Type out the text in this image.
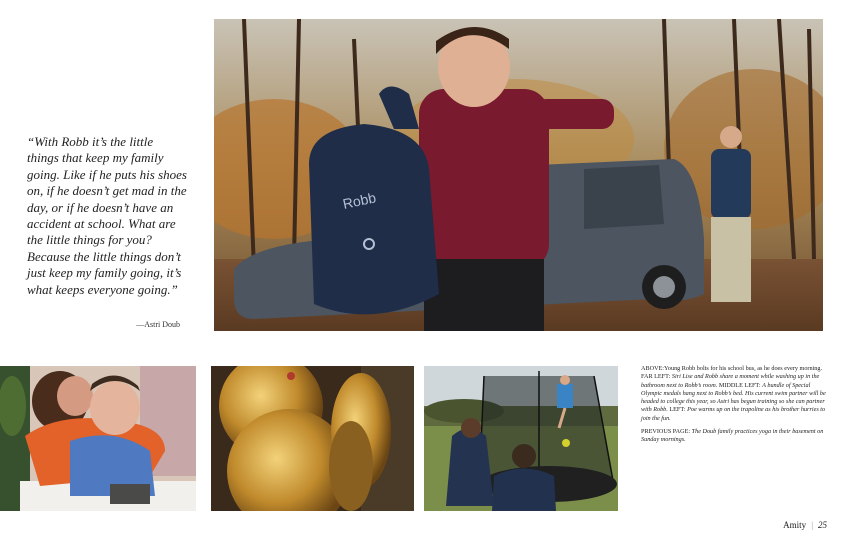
Robb

“With Robb it’s the little things that keep my family going. Like if he puts his shoes on, if he doesn’t get mad in the day, or if he doesn’t have an accident at school. What are the little things for you? Because the little things don’t just keep my family going, it’s what keeps everyone going.”

—Astri Doub

ABOVE:Young Robb bolts for his school bus, as he does every morning. FAR LEFT: Siri Lise and Robb share a moment while washing up in the bathroom next to Robb’s room. MIDDLE LEFT: A bundle of Special Olympic medals hang next to Robb’s bed. His current swim partner will be headed to college this year, so Astri has begun training so she can partner with Robb. LEFT: Poe warms up on the trapoline as his brother hurries to join the fun.

PREVIOUS PAGE: The Doub family practices yoga in their basement on Sunday mornings.

Amity | 25
